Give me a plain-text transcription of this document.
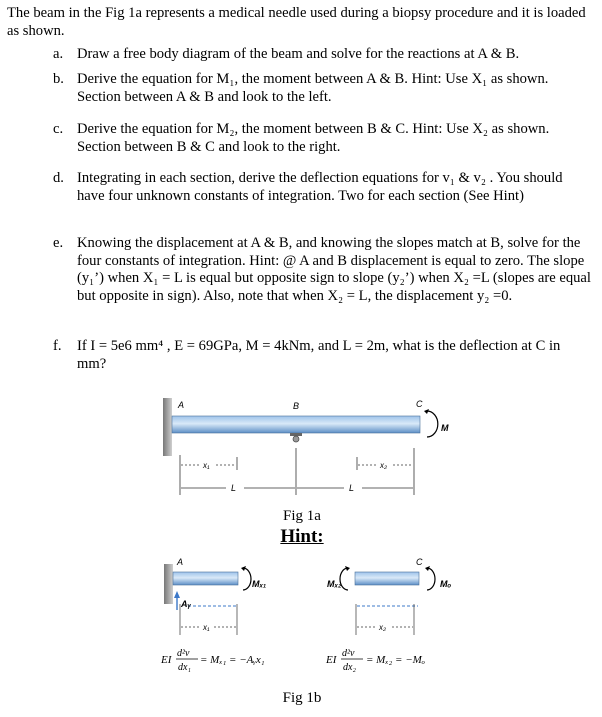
The beam in the Fig 1a represents a medical needle used during a biopsy procedure and it is loaded as shown.
a. Draw a free body diagram of the beam and solve for the reactions at A & B.
b. Derive the equation for M₁, the moment between A & B. Hint: Use X₁ as shown. Section between A & B and look to the left.
c. Derive the equation for M₂, the moment between B & C. Hint: Use X₂ as shown. Section between B & C and look to the right.
d. Integrating in each section, derive the deflection equations for v₁ & v₂ . You should have four unknown constants of integration. Two for each section (See Hint)
e. Knowing the displacement at A & B, and knowing the slopes match at B, solve for the four constants of integration. Hint: @ A and B displacement is equal to zero. The slope (y₁’) when X₁ = L is equal but opposite sign to slope (y₂’) when X₂ =L (slopes are equal but opposite in sign). Also, note that when X₂ = L, the displacement y₂ =0.
f. If I = 5e6 mm⁴ , E = 69GPa, M = 4kNm, and L = 2m, what is the deflection at C in mm?
A	B	C
M
x₁	x₂
L	L
A
Mₓ₁
Aᵧ
x₁
Mₓ₂
C
Mₒ
x₂
EI
d²v
dx₁
= Mₓ₁ = −Aᵧx₁	EI
d²v
dx₂
= Mₓ₂ = −Mₒ
Fig 1a
Hint:
Fig 1b
